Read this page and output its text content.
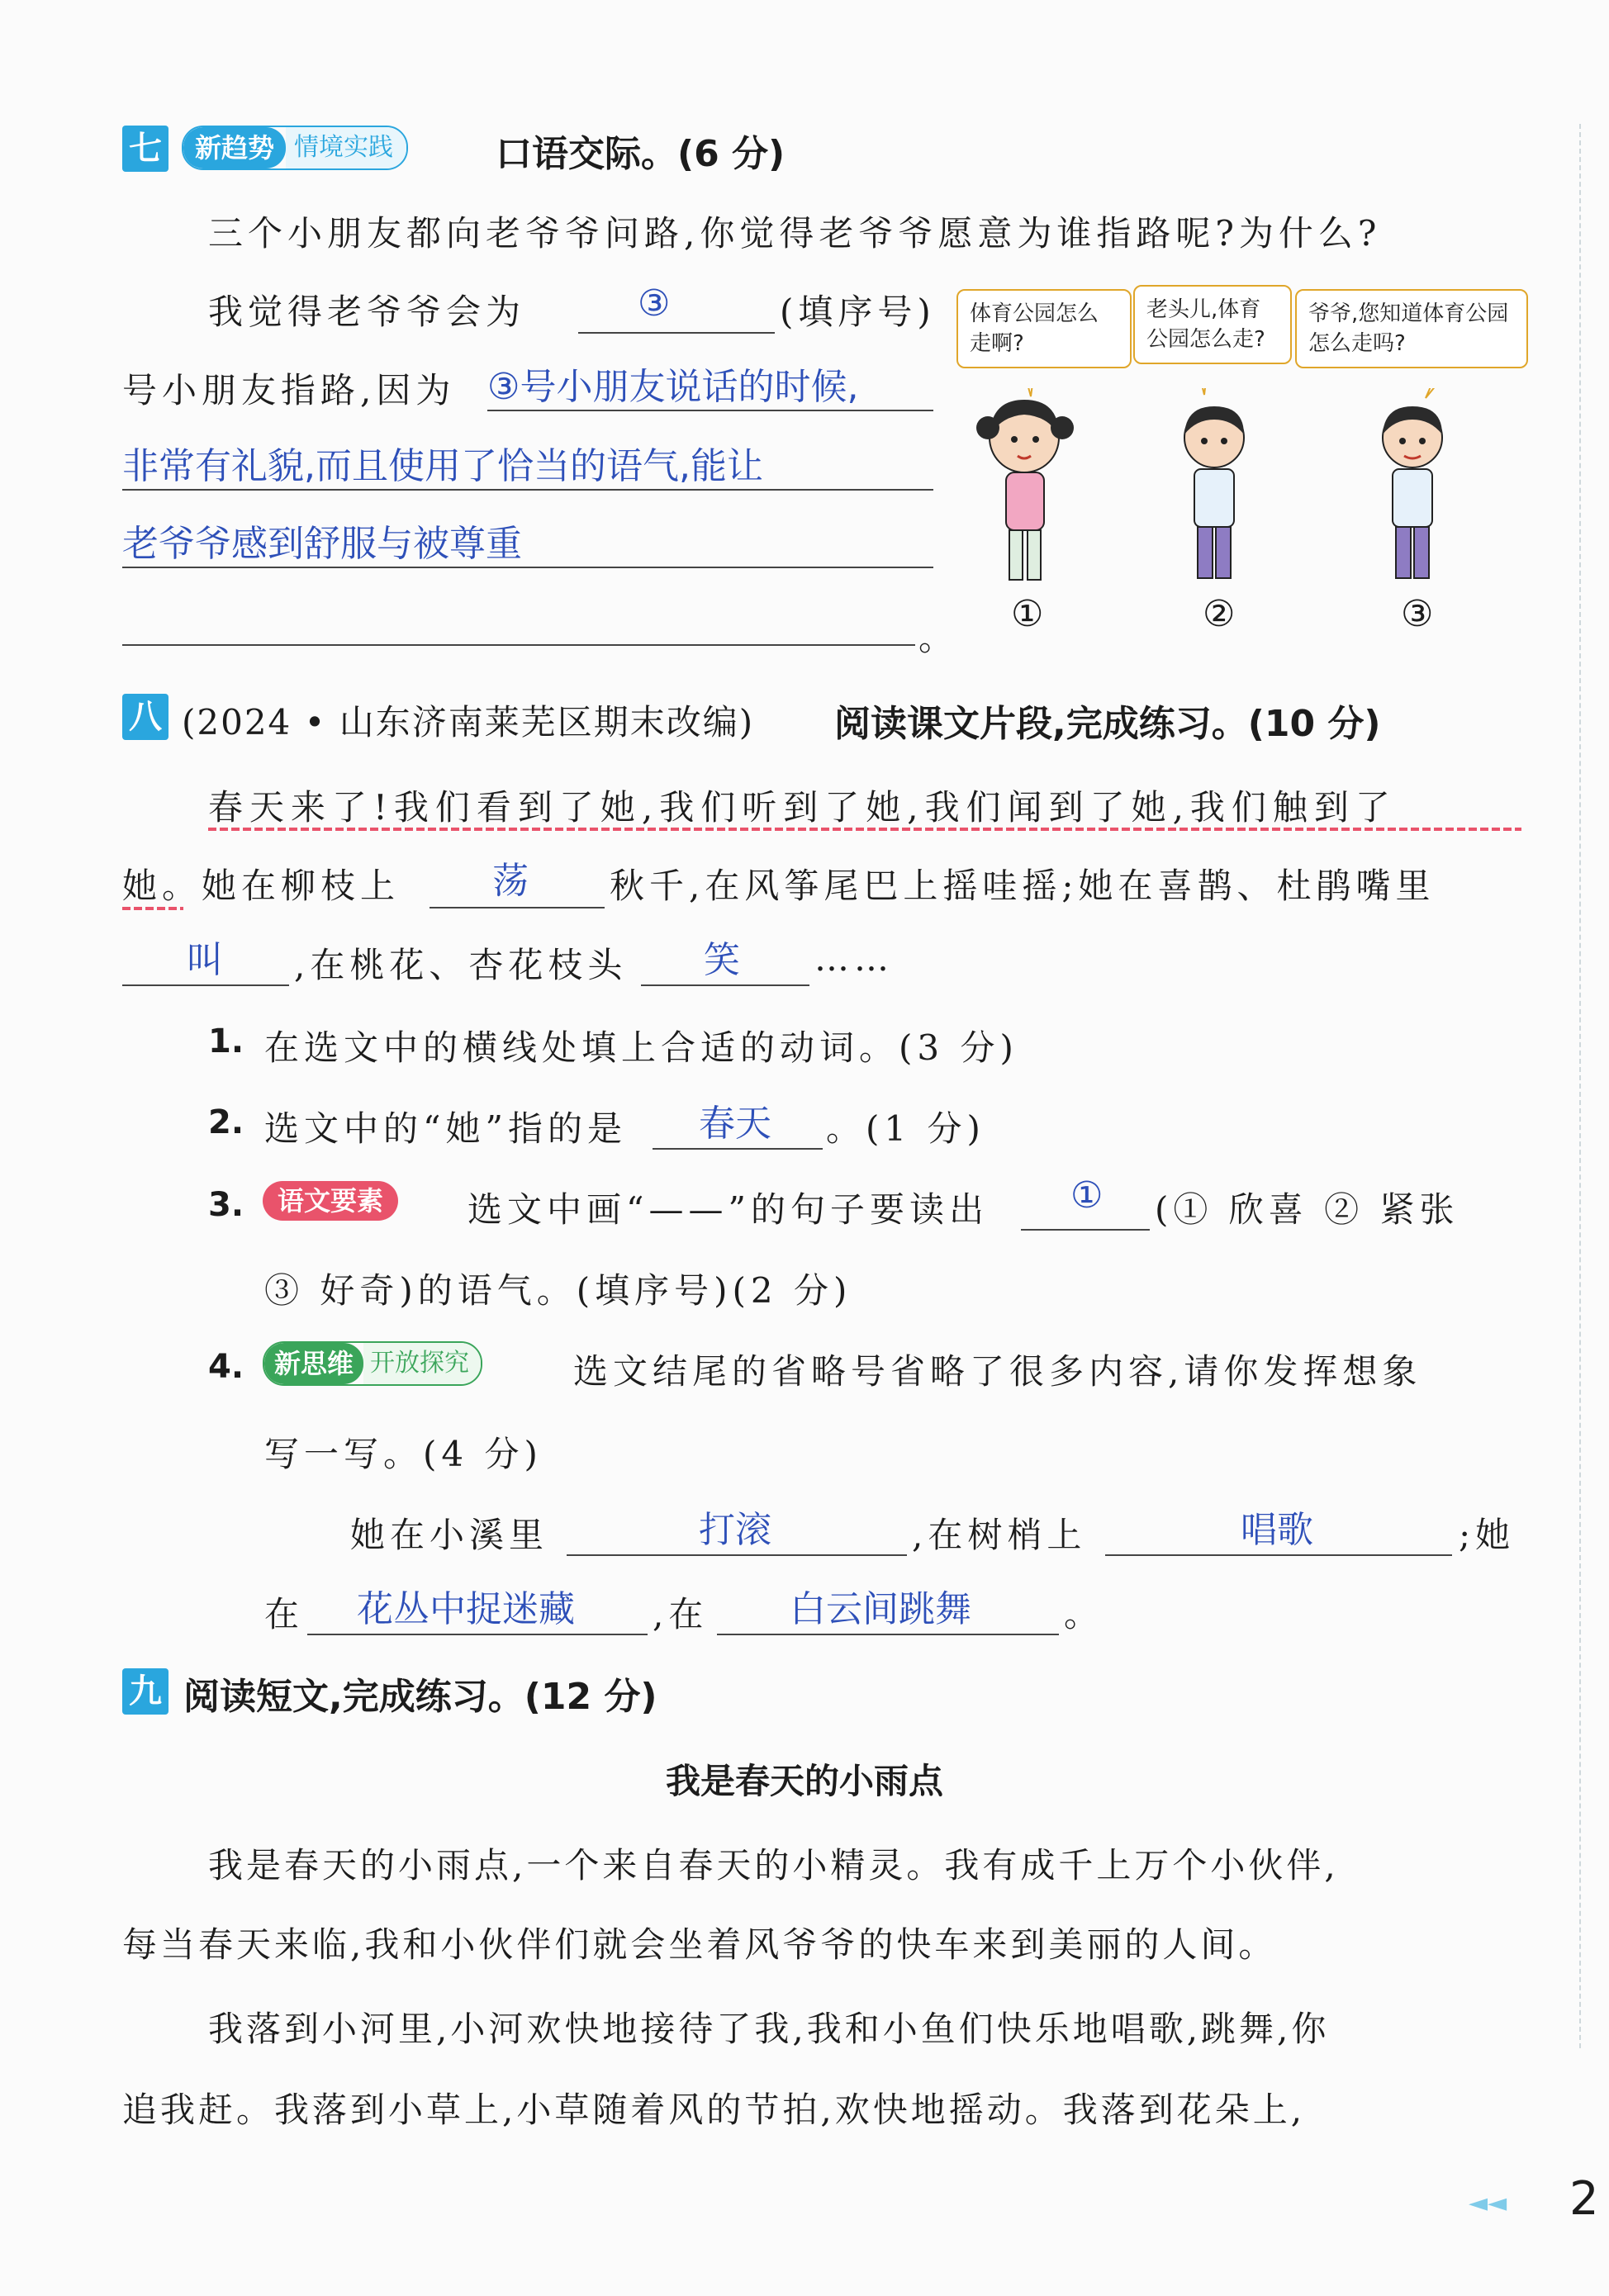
七	新趋势 情境实践	口语交际。(6 分)
三个小朋友都向老爷爷问路,你觉得老爷爷愿意为谁指路呢?为什么?
我觉得老爷爷会为	③	(填序号)
号小朋友指路,因为 ③号小朋友说话的时候,
非常有礼貌,而且使用了恰当的语气,能让
老爷爷感到舒服与被尊重
。
体育公园怎么走啊?
老头儿,体育公园怎么走?
爷爷,您知道体育公园怎么走吗?
①	②	③
八 (2024 • 山东济南莱芜区期末改编) 阅读课文片段,完成练习。(10 分)
春天来了!我们看到了她,我们听到了她,我们闻到了她,我们触到了
她。她在柳枝上	荡 秋千,在风筝尾巴上摇哇摇;她在喜鹊、杜鹃嘴里
叫 ,在桃花、杏花枝头 笑 ……
1. 在选文中的横线处填上合适的动词。(3 分)
2. 选文中的“她”指的是 春天 。(1 分)
3.	语文要素	选文中画“——”的句子要读出 ① (① 欣喜 ② 紧张
③ 好奇)的语气。(填序号)(2 分)
4.	新思维 开放探究	选文结尾的省略号省略了很多内容,请你发挥想象
写一写。(4 分)
她在小溪里	打滚	,在树梢上	唱歌	;她
在 花丛中捉迷藏 ,在 白云间跳舞	。
九 阅读短文,完成练习。(12 分)
我是春天的小雨点
我是春天的小雨点,一个来自春天的小精灵。我有成千上万个小伙伴,
每当春天来临,我和小伙伴们就会坐着风爷爷的快车来到美丽的人间。
我落到小河里,小河欢快地接待了我,我和小鱼们快乐地唱歌,跳舞,你
追我赶。我落到小草上,小草随着风的节拍,欢快地摇动。我落到花朵上,
◄◄ 2
